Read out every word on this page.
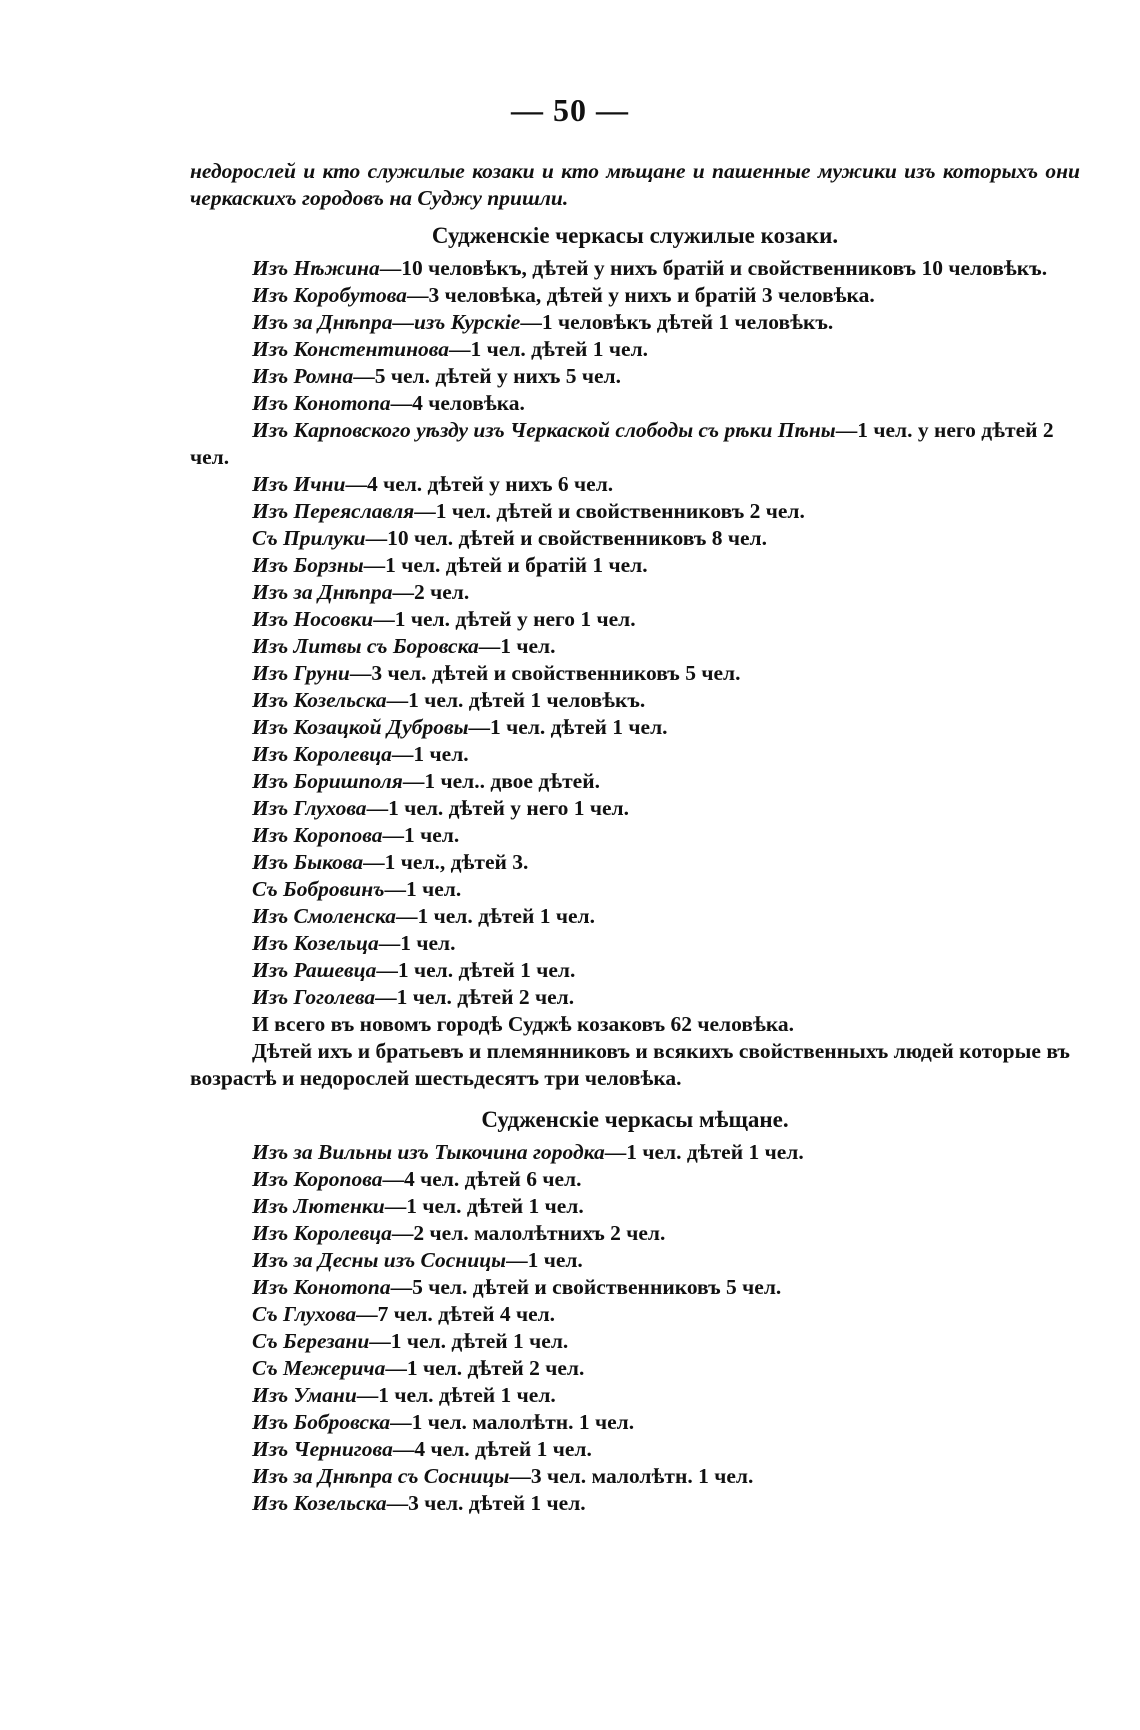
— 50 —

недорослей и кто служилые козаки и кто мѣщане и пашенные мужики изъ которыхъ они черкаскихъ городовъ на Суджу пришли.

Судженскіе черкасы служилые козаки.

Изъ Нѣжина—10 человѣкъ, дѣтей у нихъ братій и свойственниковъ 10 человѣкъ.

Изъ Коробутова—3 человѣка, дѣтей у нихъ и братій 3 человѣка.

Изъ за Днѣпра—изъ Курскіе—1 человѣкъ дѣтей 1 человѣкъ.

Изъ Констентинова—1 чел. дѣтей 1 чел.

Изъ Ромна—5 чел. дѣтей у нихъ 5 чел.

Изъ Конотопа—4 человѣка.

Изъ Карповского уѣзду изъ Черкаской слободы съ рѣки Пѣны—1 чел. у него дѣтей 2 чел.

Изъ Ични—4 чел. дѣтей у нихъ 6 чел.

Изъ Переяславля—1 чел. дѣтей и свойственниковъ 2 чел.

Съ Прилуки—10 чел. дѣтей и свойственниковъ 8 чел.

Изъ Борзны—1 чел. дѣтей и братій 1 чел.

Изъ за Днѣпра—2 чел.

Изъ Носовки—1 чел. дѣтей у него 1 чел.

Изъ Литвы съ Боровска—1 чел.

Изъ Груни—3 чел. дѣтей и свойственниковъ 5 чел.

Изъ Козельска—1 чел. дѣтей 1 человѣкъ.

Изъ Козацкой Дубровы—1 чел. дѣтей 1 чел.

Изъ Королевца—1 чел.

Изъ Боришполя—1 чел.. двое дѣтей.

Изъ Глухова—1 чел. дѣтей у него 1 чел.

Изъ Коропова—1 чел.

Изъ Быкова—1 чел., дѣтей 3.

Съ Бобровинъ—1 чел.

Изъ Смоленска—1 чел. дѣтей 1 чел.

Изъ Козельца—1 чел.

Изъ Рашевца—1 чел. дѣтей 1 чел.

Изъ Гоголева—1 чел. дѣтей 2 чел.

И всего въ новомъ городѣ Суджѣ козаковъ 62 человѣка.

Дѣтей ихъ и братьевъ и племянниковъ и всякихъ свойственныхъ людей которые въ возрастѣ и недорослей шестьдесятъ три человѣка.

Судженскіе черкасы мѣщане.

Изъ за Вильны изъ Тыкочина городка—1 чел. дѣтей 1 чел.

Изъ Коропова—4 чел. дѣтей 6 чел.

Изъ Лютенки—1 чел. дѣтей 1 чел.

Изъ Королевца—2 чел. малолѣтнихъ 2 чел.

Изъ за Десны изъ Сосницы—1 чел.

Изъ Конотопа—5 чел. дѣтей и свойственниковъ 5 чел.

Съ Глухова—7 чел. дѣтей 4 чел.

Съ Березани—1 чел. дѣтей 1 чел.

Съ Межерича—1 чел. дѣтей 2 чел.

Изъ Умани—1 чел. дѣтей 1 чел.

Изъ Бобровска—1 чел. малолѣтн. 1 чел.

Изъ Черниговa—4 чел. дѣтей 1 чел.

Изъ за Днѣпра съ Сосницы—3 чел. малолѣтн. 1 чел.

Изъ Козельска—3 чел. дѣтей 1 чел.
